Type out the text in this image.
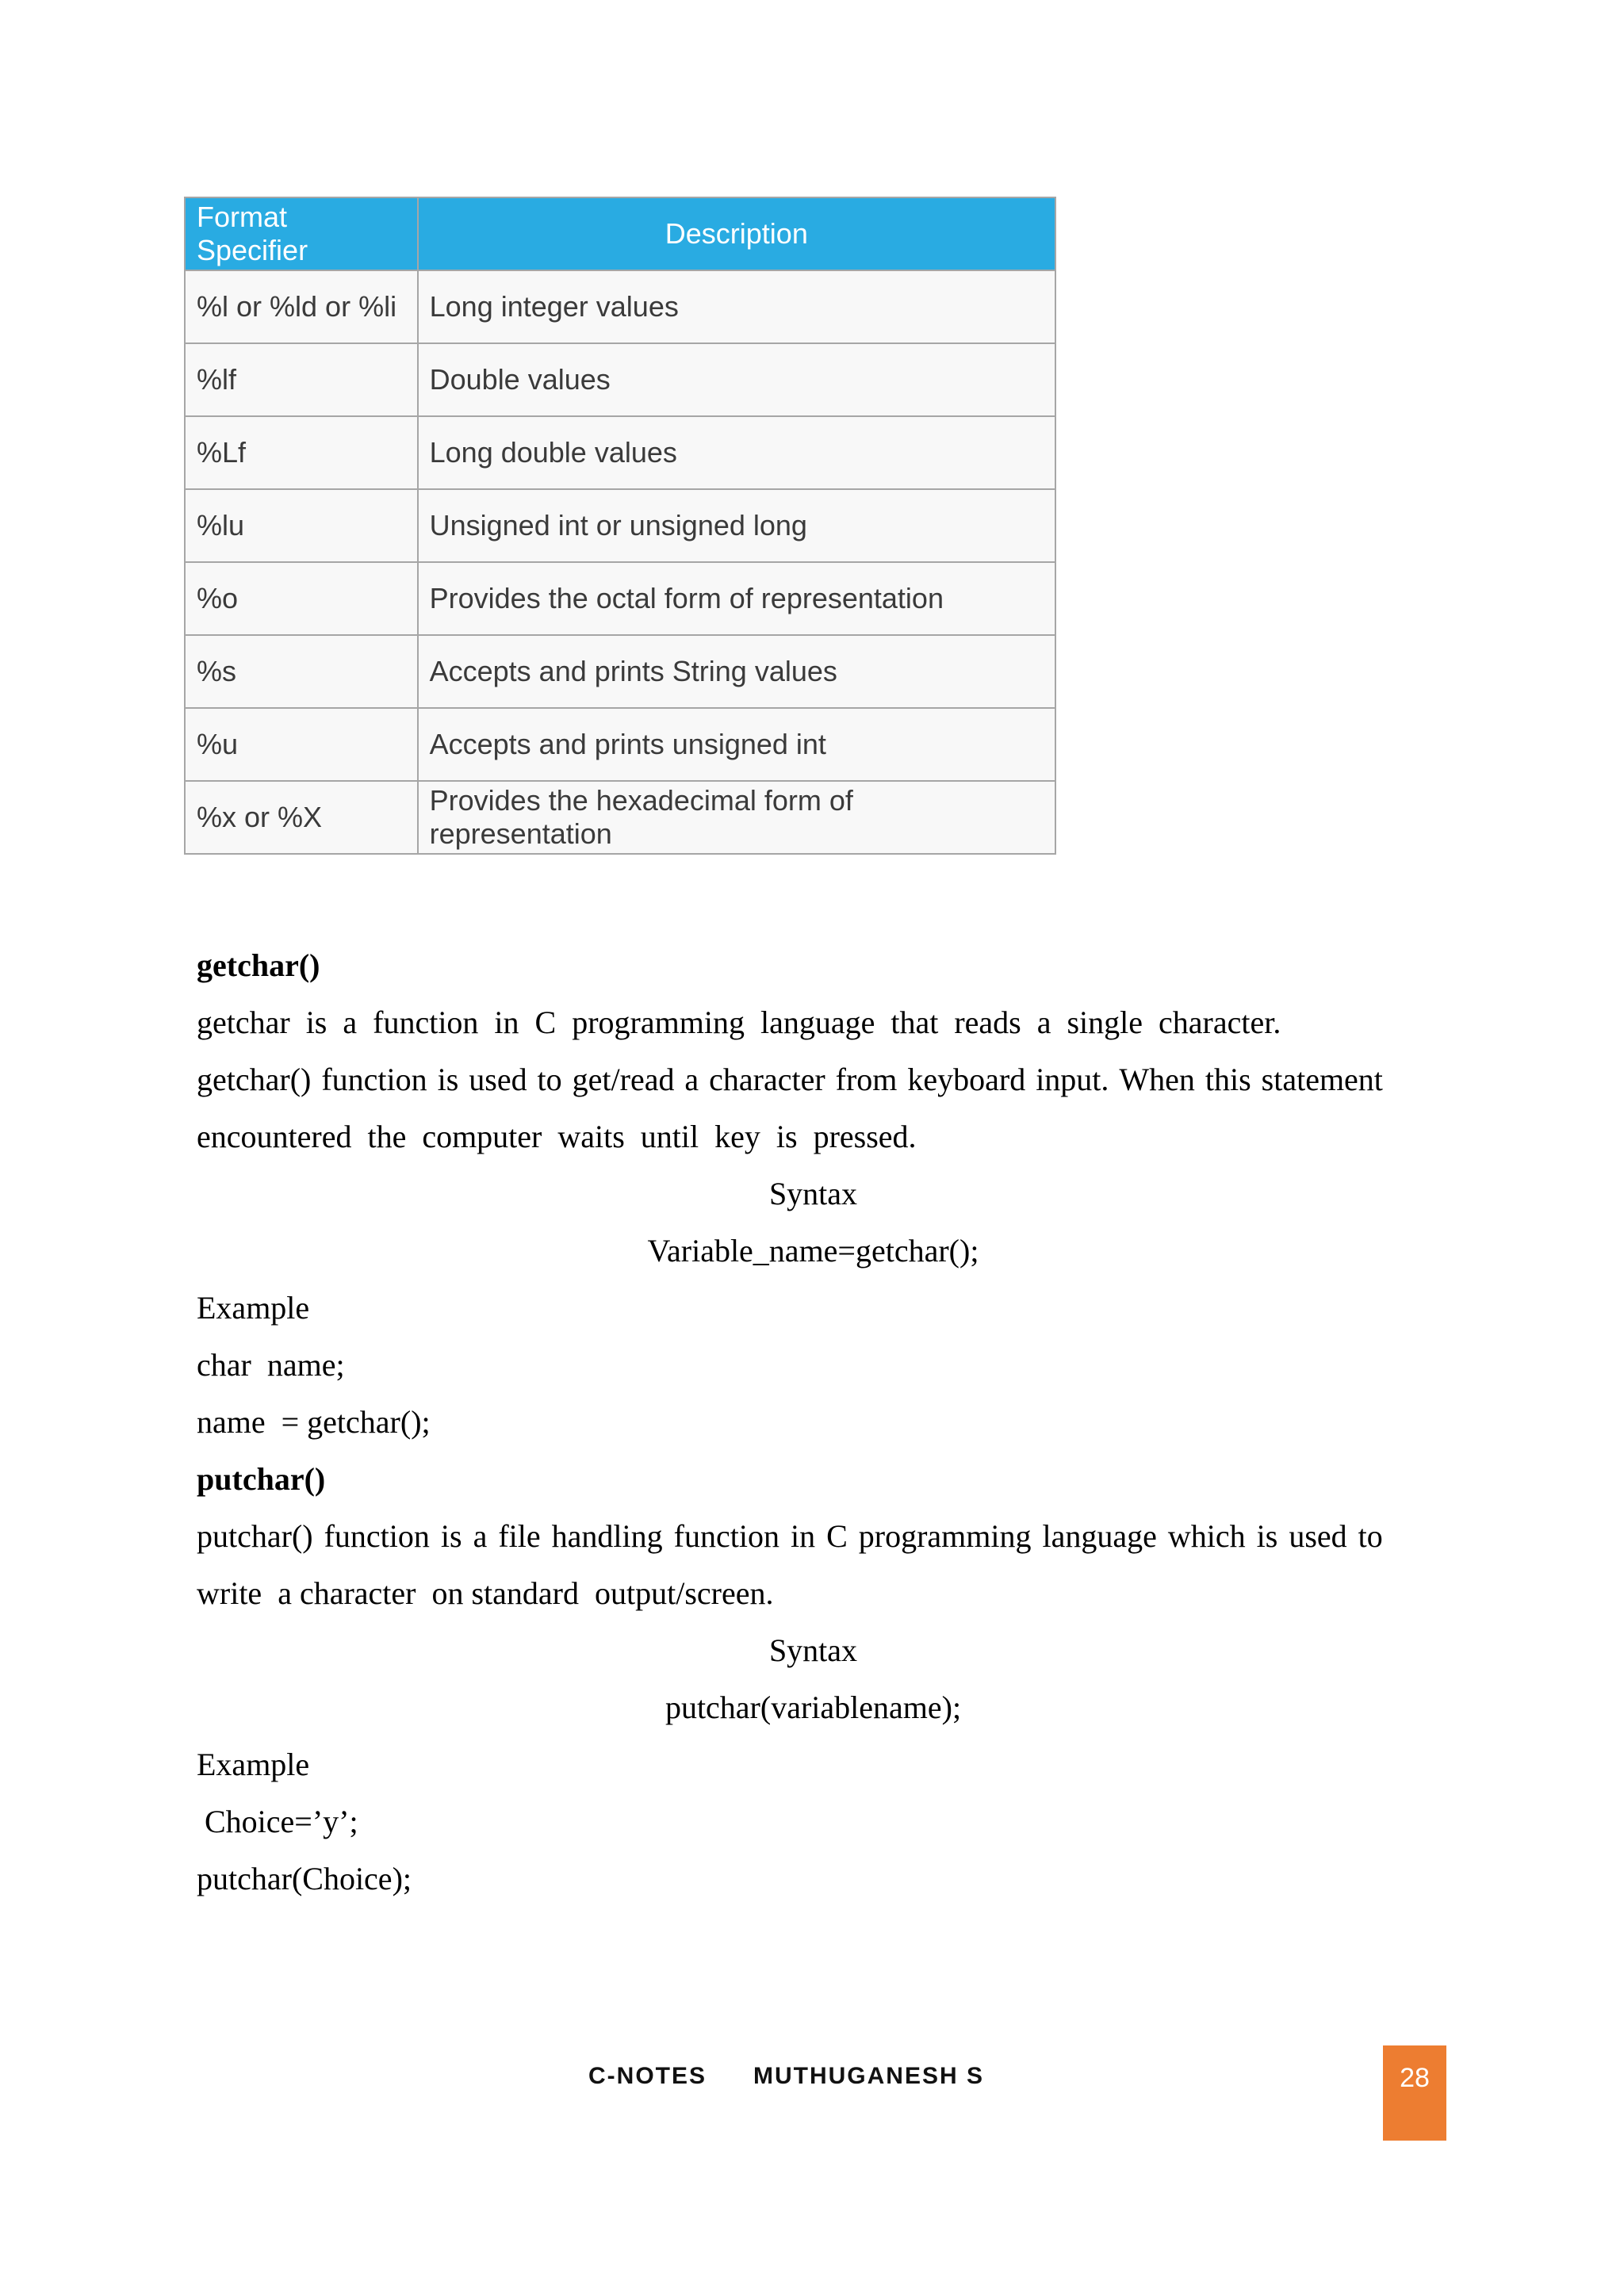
Format Specifier	Description
%l or %ld or %li	Long integer values
%lf	Double values
%Lf	Long double values
%lu	Unsigned int or unsigned long
%o	Provides the octal form of representation
%s	Accepts and prints String values
%u	Accepts and prints unsigned int
%x or %X	Provides the hexadecimal form of representation
getchar()
getchar  is  a  function  in  C  programming  language  that  reads  a  single  character.
getchar() function is used to get/read a character from keyboard input. When this statement
encountered  the  computer  waits  until  key  is  pressed.
Syntax
Variable_name=getchar();
Example
char  name;
name  = getchar();
putchar()
putchar() function is a file handling function in C programming language which is used to
write  a character  on standard  output/screen.
Syntax
putchar(variablename);
Example
Choice=’y’;
putchar(Choice);
C-NOTES MUTHUGANESH S	28
